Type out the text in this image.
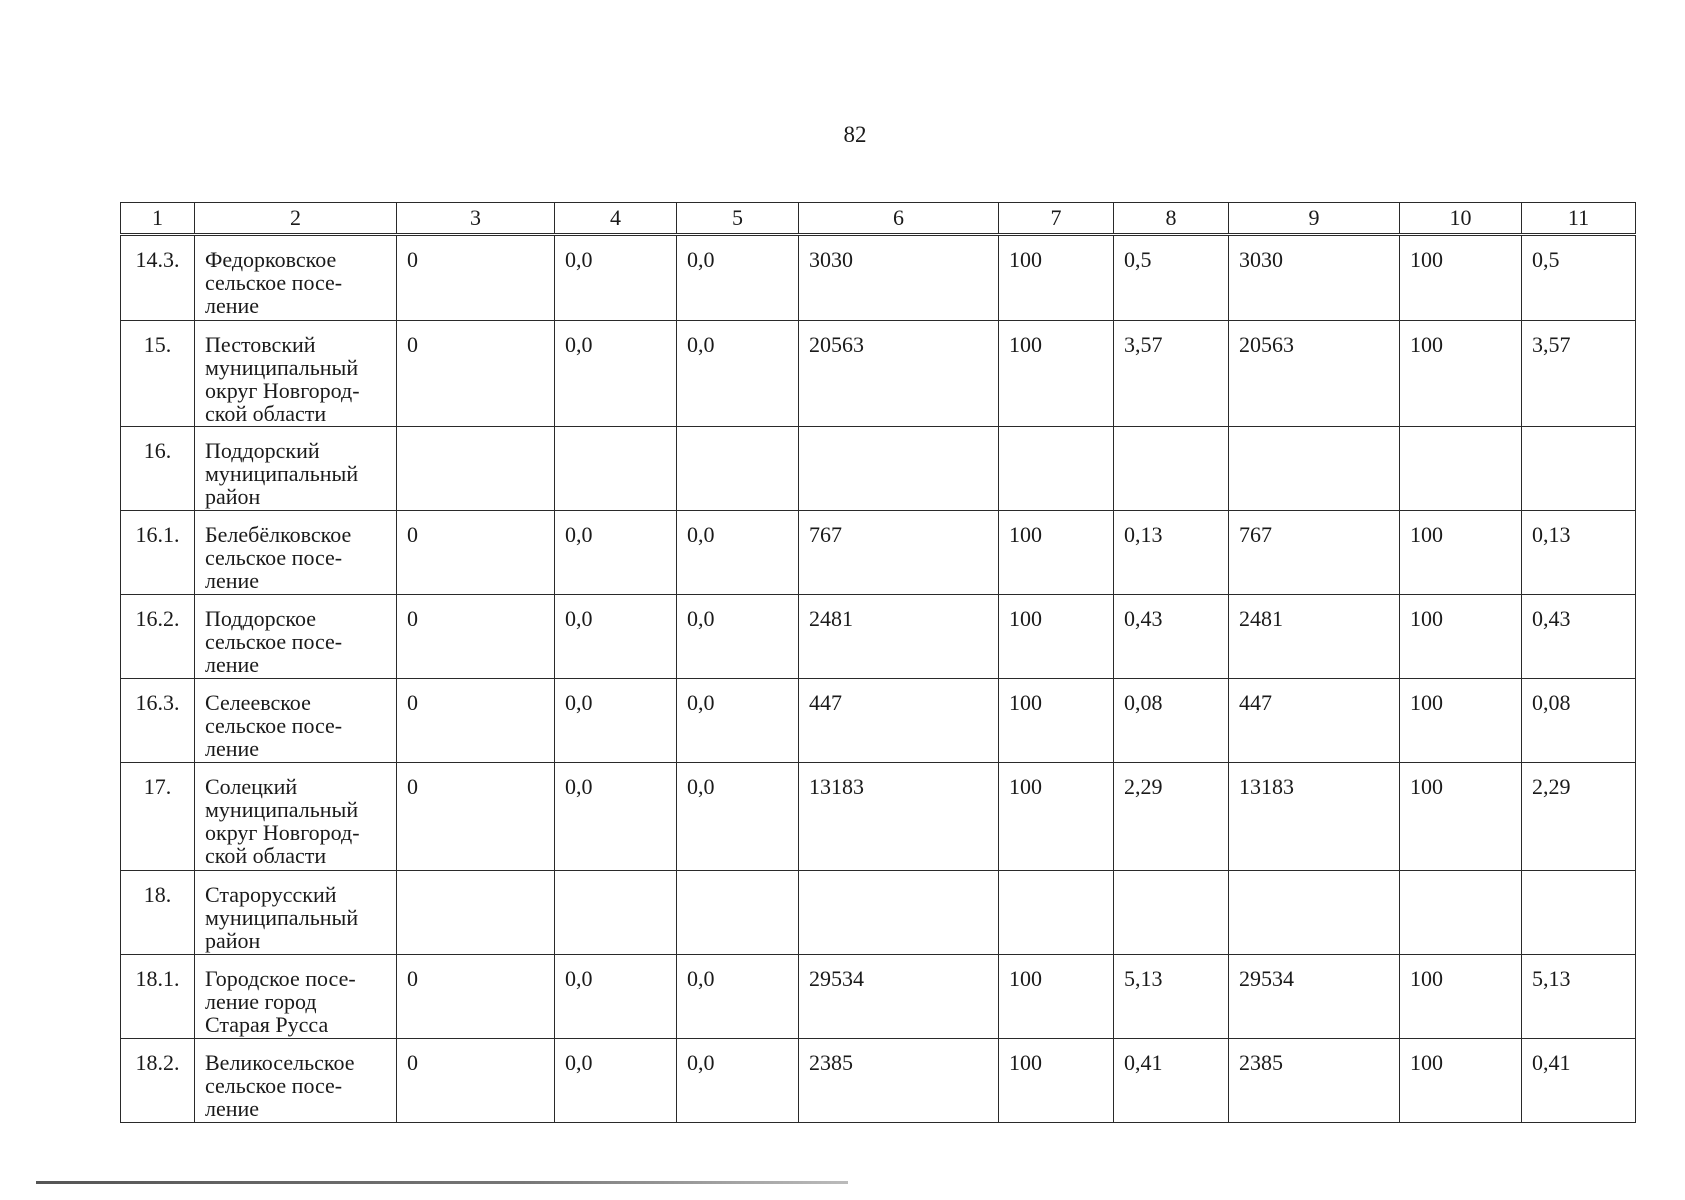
82
1	2	3	4	5	6	7	8	9	10	11
14.3.	Федорковское
сельское посе-
ление	0	0,0	0,0	3030	100	0,5	3030	100	0,5
15.	Пестовский
муниципальный
округ Новгород-
ской области	0	0,0	0,0	20563	100	3,57	20563	100	3,57
16.	Поддорский
муниципальный
район									

16.1.	Белебёлковское
сельское посе-
ление	0	0,0	0,0	767	100	0,13	767	100	0,13
16.2.	Поддорское
сельское посе-
ление	0	0,0	0,0	2481	100	0,43	2481	100	0,43
16.3.	Селеевское
сельское посе-
ление	0	0,0	0,0	447	100	0,08	447	100	0,08
17.	Солецкий
муниципальный
округ Новгород-
ской области	0	0,0	0,0	13183	100	2,29	13183	100	2,29
18.	Старорусский
муниципальный
район									

18.1.	Городское посе-
ление город
Старая Русса	0	0,0	0,0	29534	100	5,13	29534	100	5,13
18.2.	Великосельское
сельское посе-
ление	0	0,0	0,0	2385	100	0,41	2385	100	0,41
